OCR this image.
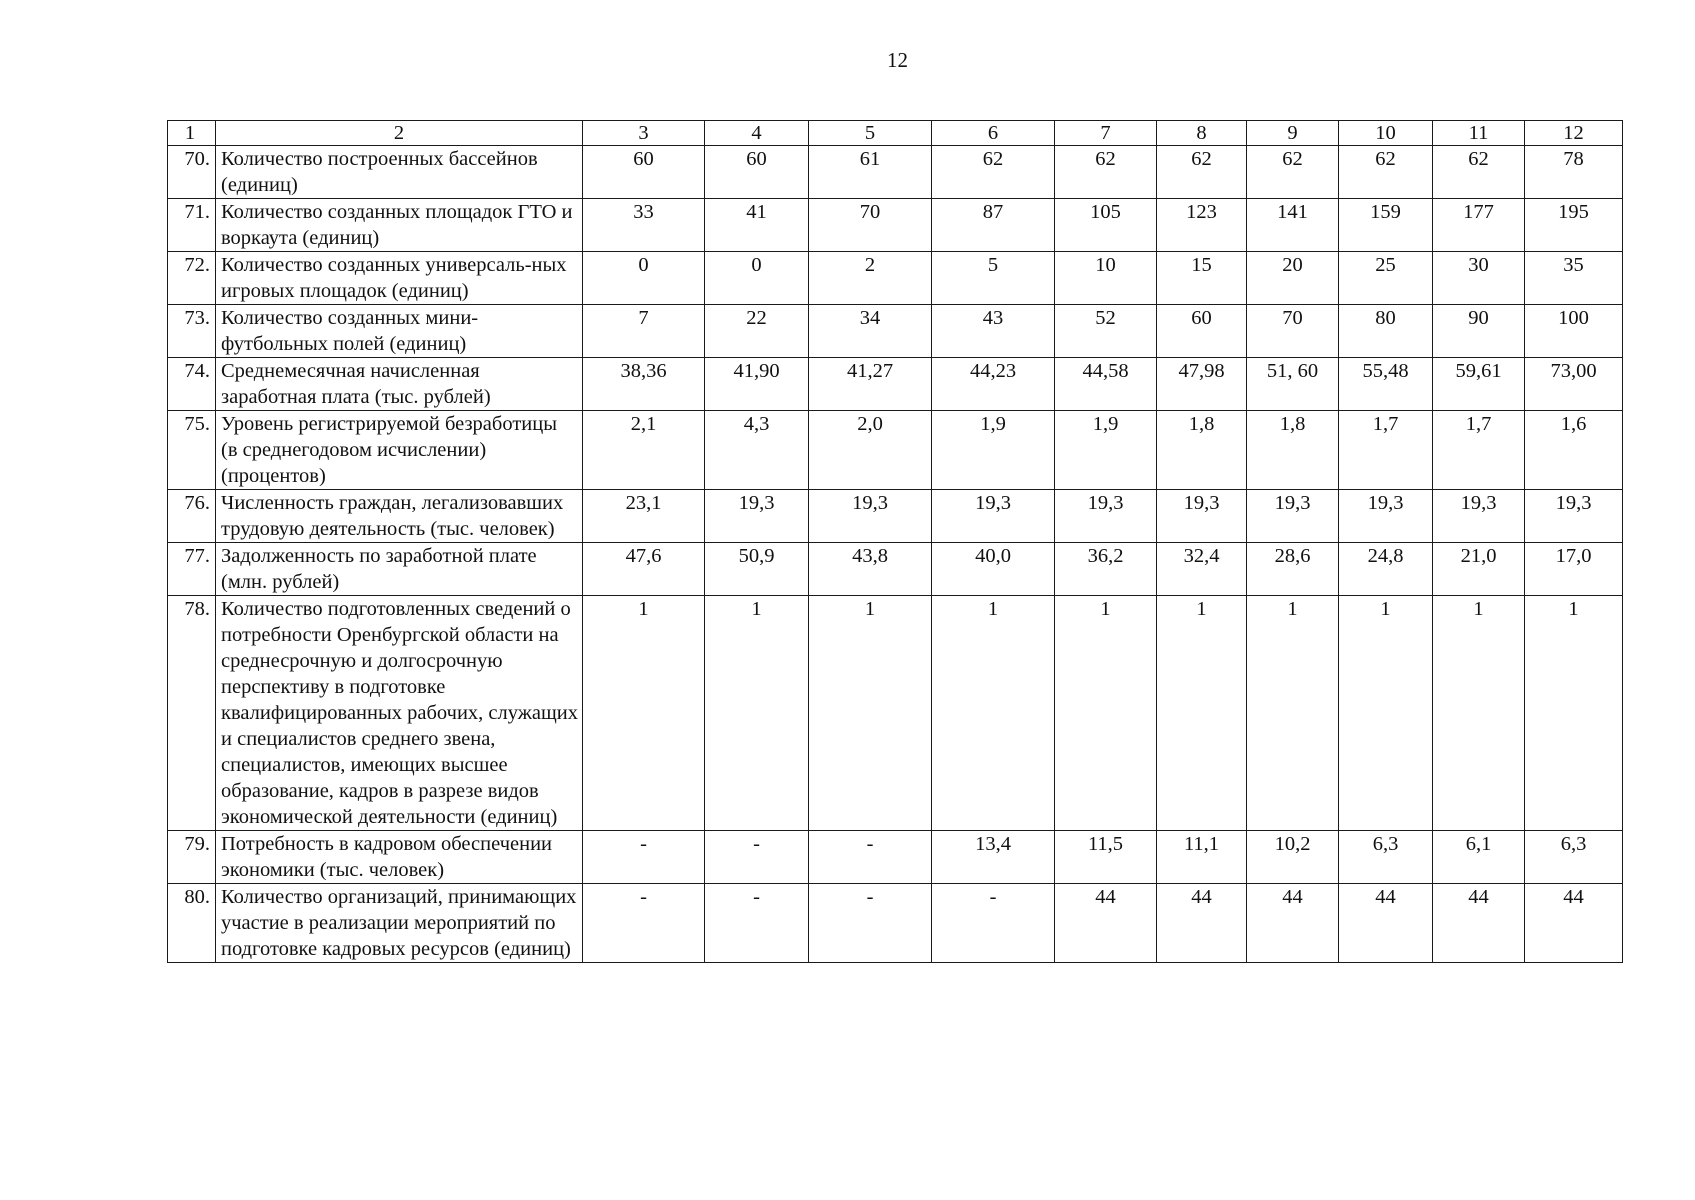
12
1	2	3	4	5	6	7	8	9	10	11	12
70.	Количество построенных бассейнов (единиц)	60	60	61	62	62	62	62	62	62	78
71.	Количество созданных площадок ГТО и воркаута (единиц)	33	41	70	87	105	123	141	159	177	195
72.	Количество созданных универсаль-ных игровых площадок (единиц)	0	0	2	5	10	15	20	25	30	35
73.	Количество созданных мини-футбольных полей (единиц)	7	22	34	43	52	60	70	80	90	100
74.	Среднемесячная начисленная заработная плата (тыс. рублей)	38,36	41,90	41,27	44,23	44,58	47,98	51, 60	55,48	59,61	73,00
75.	Уровень регистрируемой безработицы (в среднегодовом исчислении) (процентов)	2,1	4,3	2,0	1,9	1,9	1,8	1,8	1,7	1,7	1,6
76.	Численность граждан, легализовавших трудовую деятельность (тыс. человек)	23,1	19,3	19,3	19,3	19,3	19,3	19,3	19,3	19,3	19,3
77.	Задолженность по заработной плате (млн. рублей)	47,6	50,9	43,8	40,0	36,2	32,4	28,6	24,8	21,0	17,0
78.	Количество подготовленных сведений о потребности Оренбургской области на среднесрочную и долгосрочную перспективу в подготовке квалифицированных рабочих, служащих и специалистов среднего звена, специалистов, имеющих высшее образование, кадров в разрезе видов экономической деятельности (единиц)	1	1	1	1	1	1	1	1	1	1
79.	Потребность в кадровом обеспечении экономики (тыс. человек)	-	-	-	13,4	11,5	11,1	10,2	6,3	6,1	6,3
80.	Количество организаций, принимающих участие в реализации мероприятий по подготовке кадровых ресурсов (единиц)	-	-	-	-	44	44	44	44	44	44
